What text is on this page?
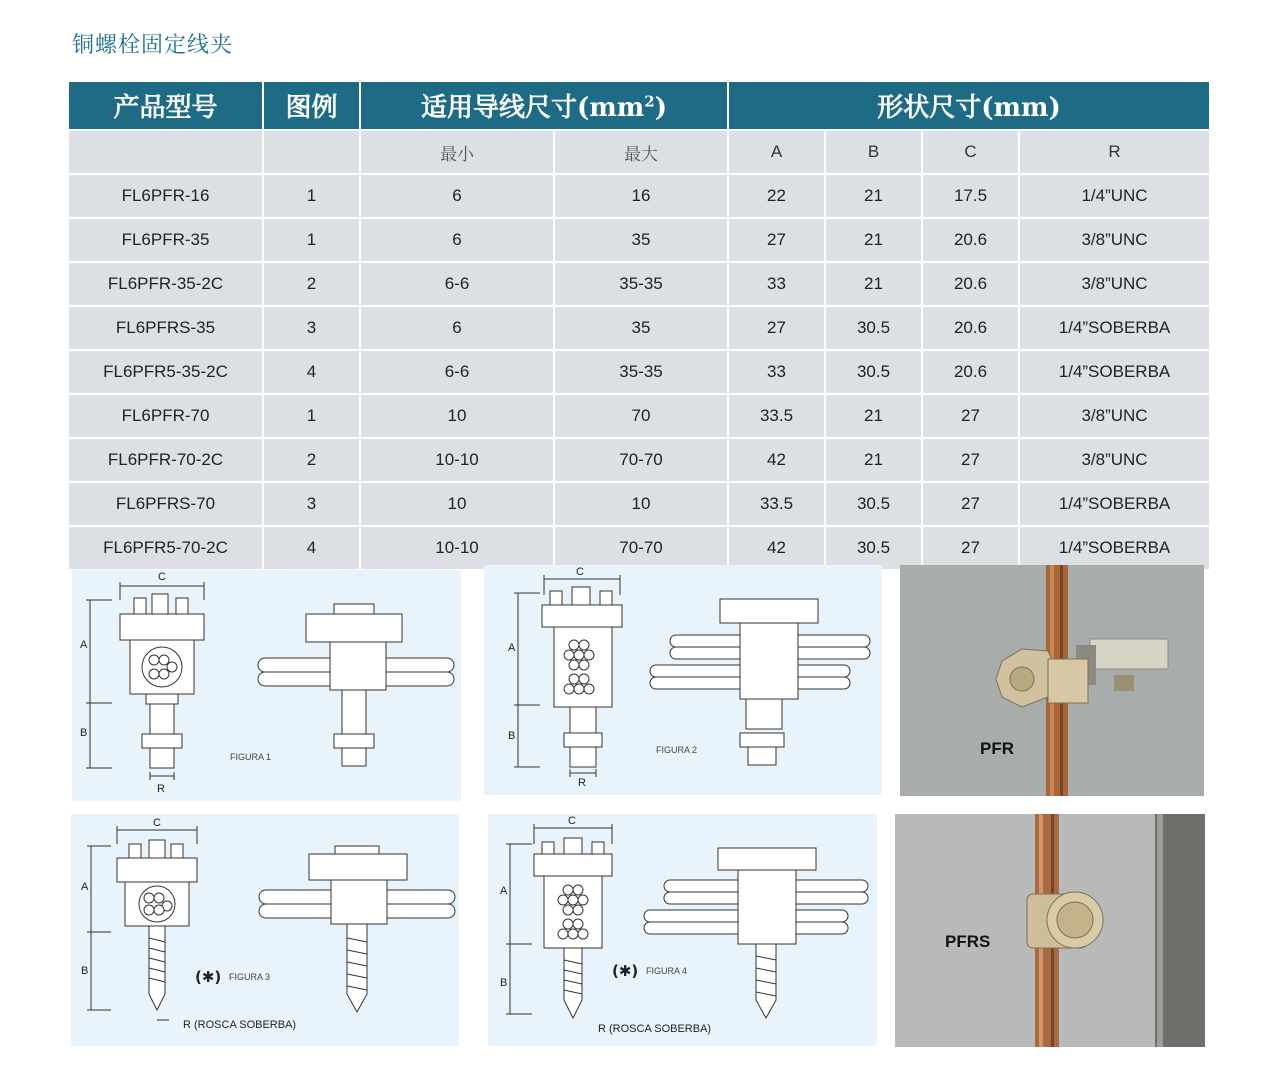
铜螺栓固定线夹
产品型号	图例	适用导线尺寸$(mm^2)$		形状尺寸(mm)			
		最小	最大	A	B	C	R
FL6PFR-16	1	6	16	22	21	17.5	1/4”UNC
FL6PFR-35	1	6	35	27	21	20.6	3/8”UNC
FL6PFR-35-2C	2	6-6	35-35	33	21	20.6	3/8”UNC
FL6PFRS-35	3	6	35	27	30.5	20.6	1/4”SOBERBA
FL6PFR5-35-2C	4	6-6	35-35	33	30.5	20.6	1/4”SOBERBA
FL6PFR-70	1	10	70	33.5	21	27	3/8”UNC
FL6PFR-70-2C	2	10-10	70-70	42	21	27	3/8”UNC
FL6PFRS-70	3	10	10	33.5	30.5	27	1/4”SOBERBA
FL6PFR5-70-2C	4	10-10	70-70	42	30.5	27	1/4”SOBERBA
C
A
B
R
FIGURA 1
C
A
B
R
FIGURA 2	PFR
C
A
B
R (ROSCA SOBERBA)
(✱) FIGURA 3
C
A
B
R (ROSCA SOBERBA)
(✱) FIGURA 4
PFRS
